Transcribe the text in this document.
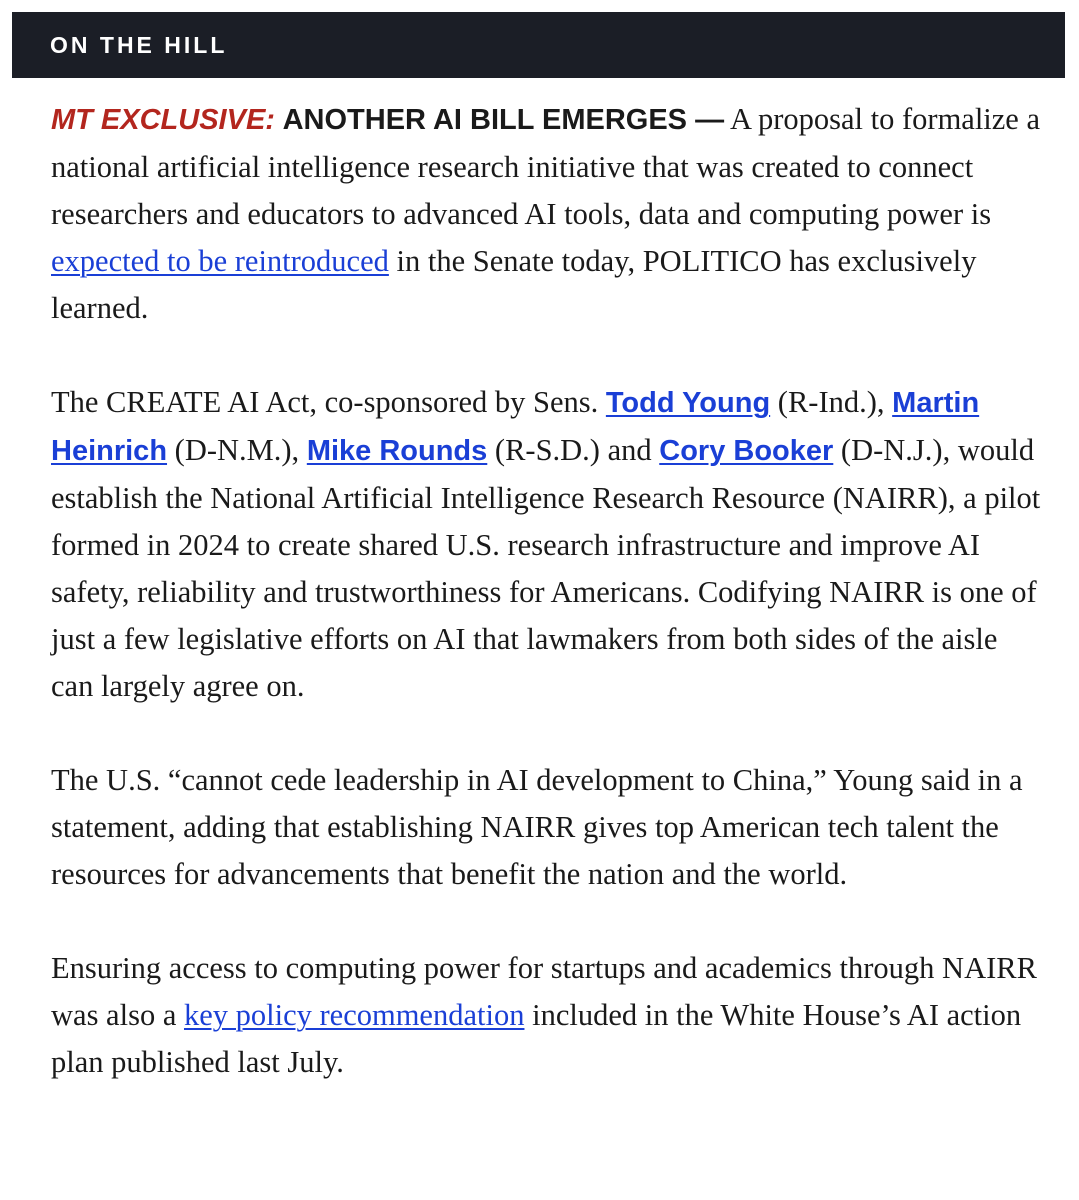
ON THE HILL

MT EXCLUSIVE: ANOTHER AI BILL EMERGES — A proposal to formalize a national artificial intelligence research initiative that was created to connect researchers and educators to advanced AI tools, data and computing power is expected to be reintroduced in the Senate today, POLITICO has exclusively learned.

The CREATE AI Act, co-sponsored by Sens. Todd Young (R-Ind.), Martin Heinrich (D-N.M.), Mike Rounds (R-S.D.) and Cory Booker (D-N.J.), would establish the National Artificial Intelligence Research Resource (NAIRR), a pilot formed in 2024 to create shared U.S. research infrastructure and improve AI safety, reliability and trustworthiness for Americans. Codifying NAIRR is one of just a few legislative efforts on AI that lawmakers from both sides of the aisle can largely agree on.

The U.S. “cannot cede leadership in AI development to China,” Young said in a statement, adding that establishing NAIRR gives top American tech talent the resources for advancements that benefit the nation and the world.

Ensuring access to computing power for startups and academics through NAIRR was also a key policy recommendation included in the White House’s AI action plan published last July.
